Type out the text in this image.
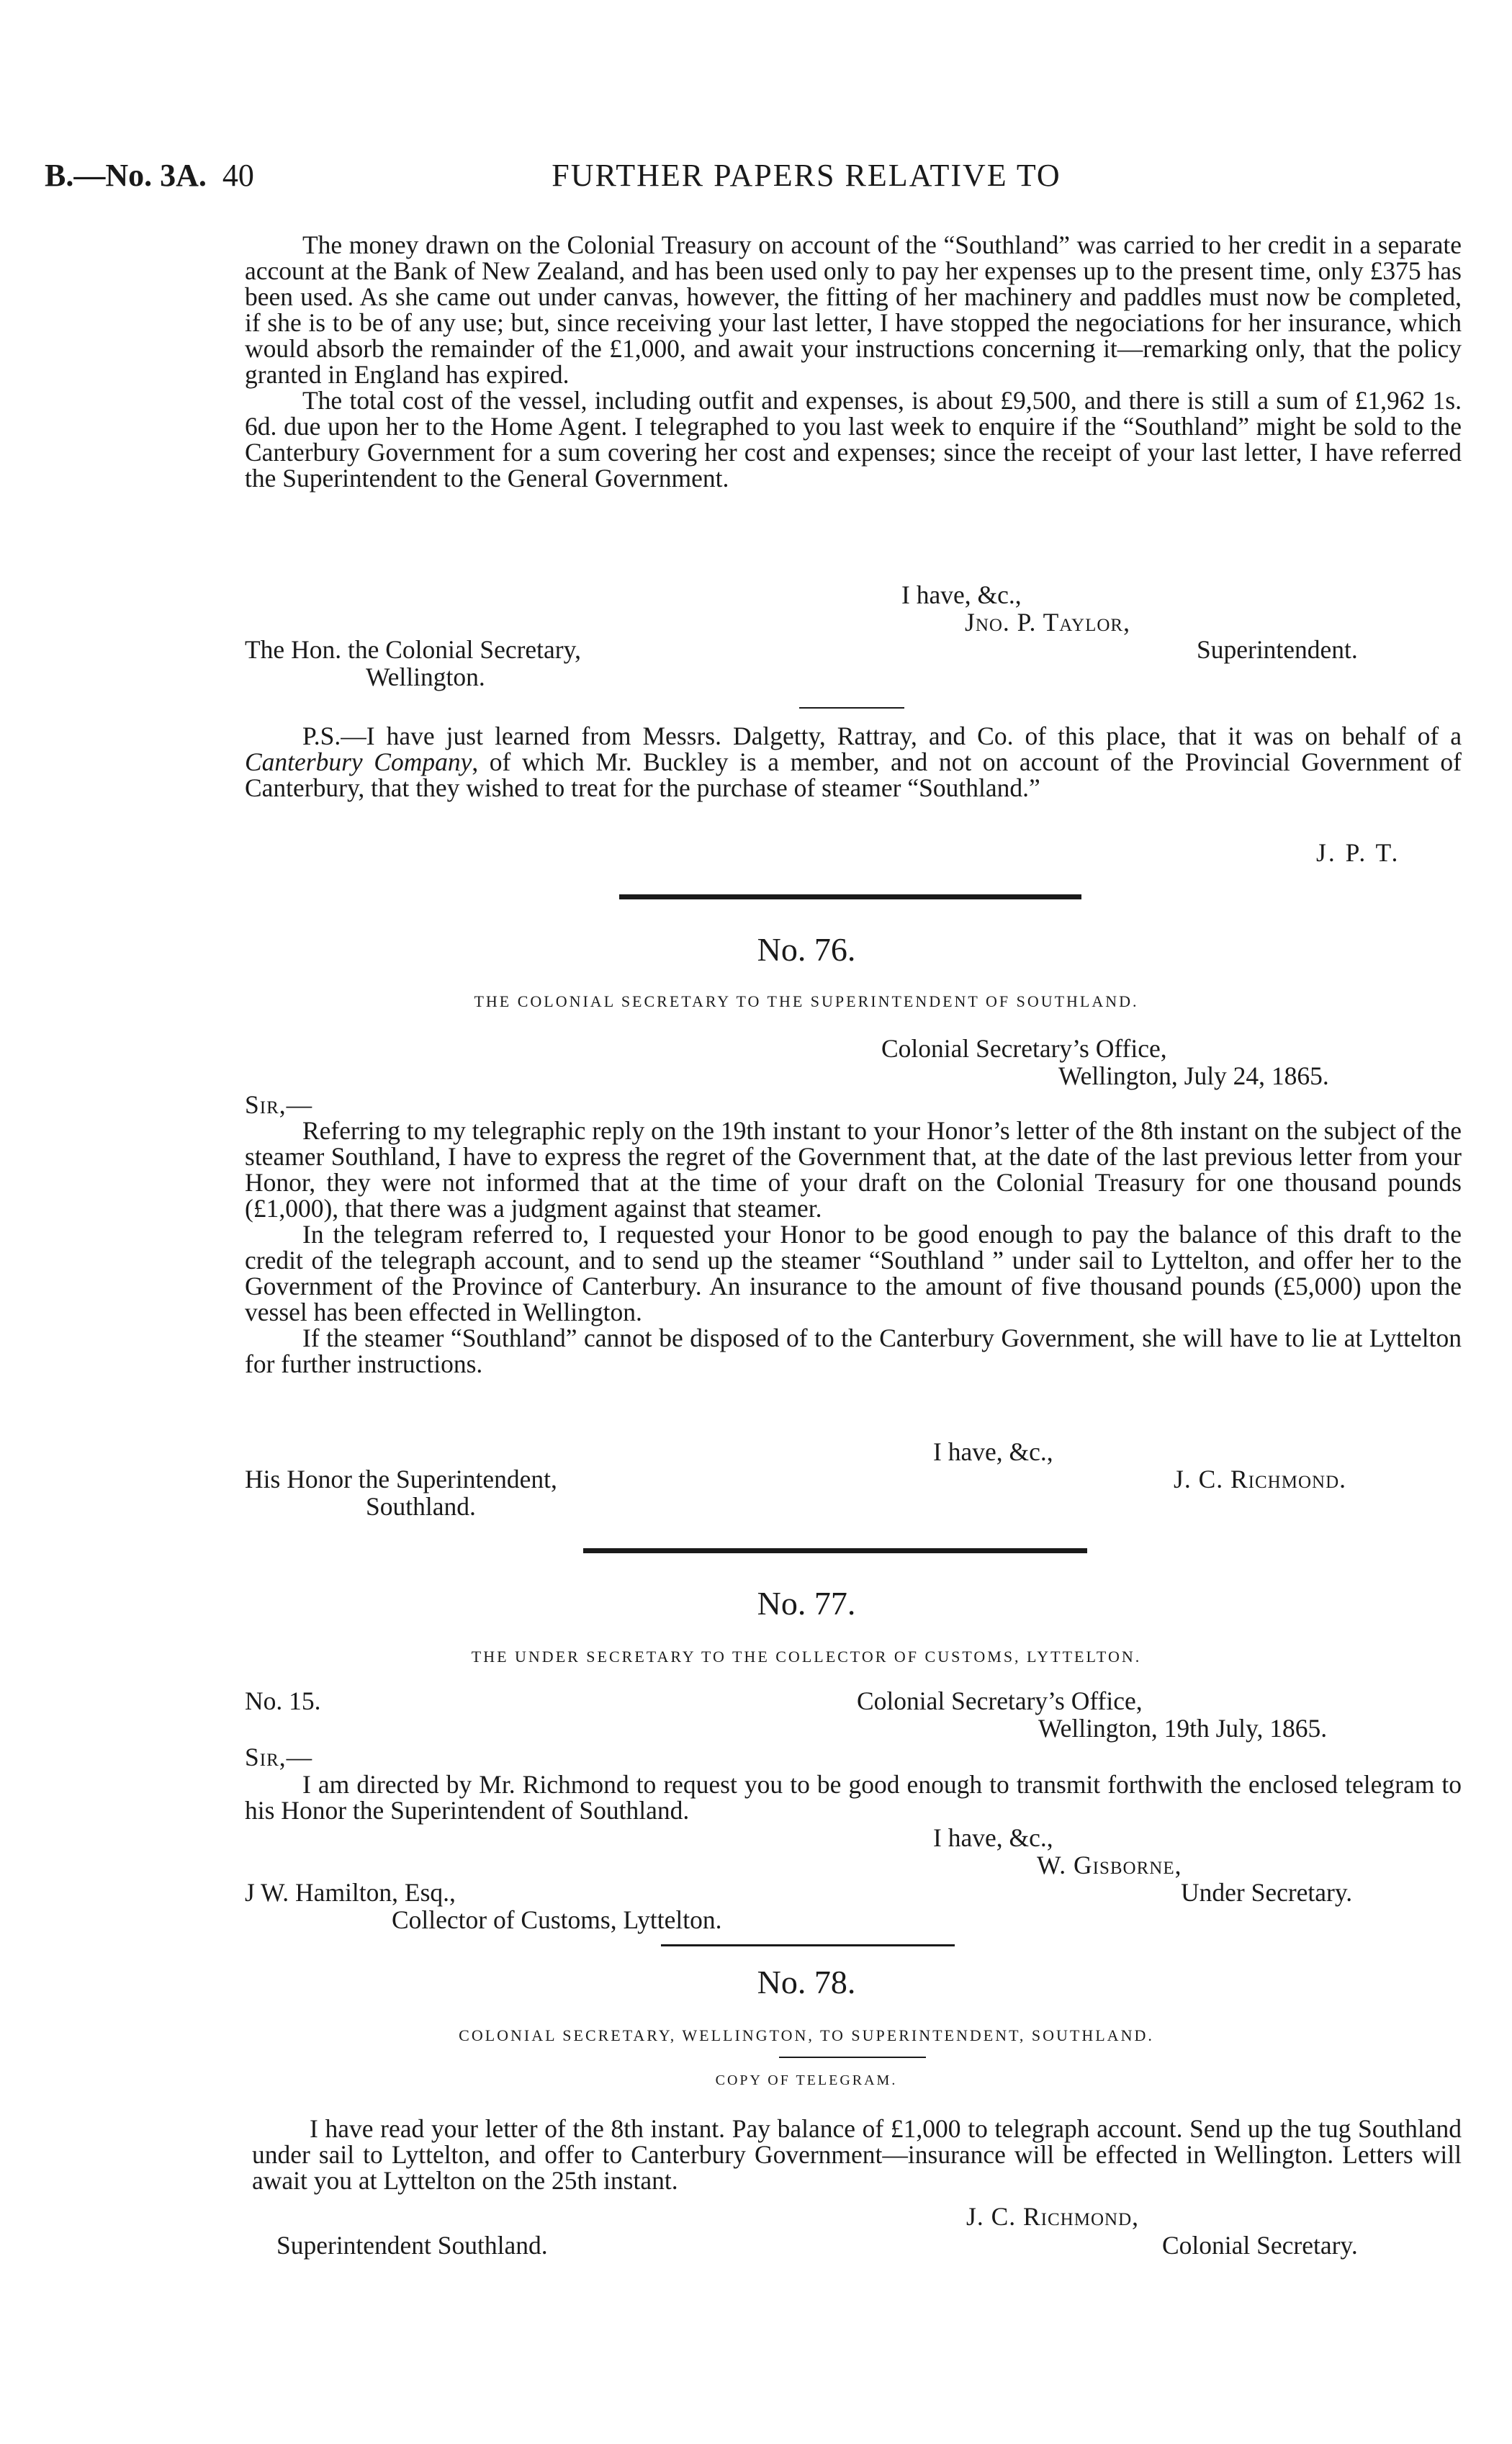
B.—No. 3A. 40	FURTHER PAPERS RELATIVE TO

The money drawn on the Colonial Treasury on account of the “Southland” was carried to her credit in a separate account at the Bank of New Zealand, and has been used only to pay her expenses up to the present time, only £375 has been used. As she came out under canvas, however, the fitting of her machinery and paddles must now be completed, if she is to be of any use; but, since receiving your last letter, I have stopped the negociations for her insurance, which would absorb the remainder of the £1,000, and await your instructions concerning it—remarking only, that the policy granted in England has expired.

The total cost of the vessel, including outfit and expenses, is about £9,500, and there is still a sum of £1,962 1s. 6d. due upon her to the Home Agent. I telegraphed to you last week to enquire if the “Southland” might be sold to the Canterbury Government for a sum covering her cost and expenses; since the receipt of your last letter, I have referred the Superintendent to the General Government.

I have, &c.,
Jno. P. Taylor,
The Hon. the Colonial Secretary,	Superintendent.
Wellington.

P.S.—I have just learned from Messrs. Dalgetty, Rattray, and Co. of this place, that it was on behalf of a Canterbury Company, of which Mr. Buckley is a member, and not on account of the Provincial Government of Canterbury, that they wished to treat for the purchase of steamer “Southland.”

J. P. T.
No. 76.
THE COLONIAL SECRETARY TO THE SUPERINTENDENT OF SOUTHLAND.
Colonial Secretary’s Office,
Wellington, July 24, 1865.
Sir,—

Referring to my telegraphic reply on the 19th instant to your Honor’s letter of the 8th instant on the subject of the steamer Southland, I have to express the regret of the Government that, at the date of the last previous letter from your Honor, they were not informed that at the time of your draft on the Colonial Treasury for one thousand pounds (£1,000), that there was a judgment against that steamer.

In the telegram referred to, I requested your Honor to be good enough to pay the balance of this draft to the credit of the telegraph account, and to send up the steamer “Southland ” under sail to Lyttelton, and offer her to the Government of the Province of Canterbury. An insurance to the amount of five thousand pounds (£5,000) upon the vessel has been effected in Wellington.

If the steamer “Southland” cannot be disposed of to the Canterbury Government, she will have to lie at Lyttelton for further instructions.

I have, &c.,
His Honor the Superintendent,	J. C. Richmond.
Southland.
No. 77.
THE UNDER SECRETARY TO THE COLLECTOR OF CUSTOMS, LYTTELTON.
No. 15.	Colonial Secretary’s Office,
Wellington, 19th July, 1865.
Sir,—

I am directed by Mr. Richmond to request you to be good enough to transmit forthwith the enclosed telegram to his Honor the Superintendent of Southland.

I have, &c.,
W. Gisborne,
J W. Hamilton, Esq.,	Under Secretary.
Collector of Customs, Lyttelton.
No. 78.
COLONIAL SECRETARY, WELLINGTON, TO SUPERINTENDENT, SOUTHLAND.
COPY OF TELEGRAM.

I have read your letter of the 8th instant. Pay balance of £1,000 to telegraph account. Send up the tug Southland under sail to Lyttelton, and offer to Canterbury Government—insurance will be effected in Wellington. Letters will await you at Lyttelton on the 25th instant.

J. C. Richmond,
Superintendent Southland.	Colonial Secretary.
